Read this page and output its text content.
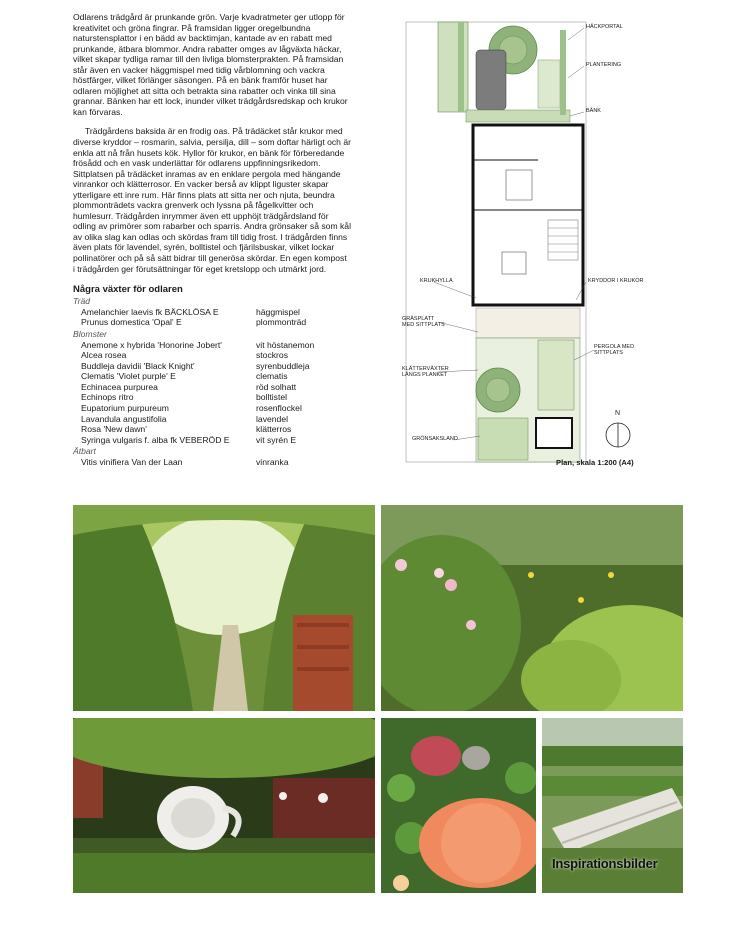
Odlarens trädgård är prunkande grön. Varje kvadratmeter ger utlopp för kreativitet och gröna fingrar. På framsidan ligger oregelbundna naturstensplattor i en bädd av backtimjan, kantade av en rabatt med prunkande, ätbara blommor. Andra rabatter omges av lågväxta häckar, vilket skapar tydliga ramar till den livliga blomsterprakten. På framsidan står även en vacker häggmispel med tidig vårblomning och vackra höstfärger, vilket förlänger säsongen. På en bänk framför huset har odlaren möjlighet att sitta och betrakta sina rabatter och vinka till sina grannar. Bänken har ett lock, inunder vilket trädgårdsredskap och krukor kan förvaras.

Trädgårdens baksida är en frodig oas. På trädäcket står krukor med diverse kryddor – rosmarin, salvia, persilja, dill – som doftar härligt och är enkla att nå från husets kök. Hyllor för krukor, en bänk för förberedande frösådd och en vask underlättar för odlarens uppfinningsrikedom. Sittplatsen på trädäcket inramas av en enklare pergola med hängande vinrankor och klätterrosor. En vacker berså av klippt liguster skapar ytterligare ett inre rum. Här finns plats att sitta ner och njuta, beundra plommonträdets vackra grenverk och lyssna på fågelkvitter och humlesurr. Trädgården inrymmer även ett upphöjt trädgårdsland för odling av primörer som rabarber och sparris. Andra grönsaker så som kål av olika slag kan odlas och skördas fram till tidig frost. I trädgården finns även plats för lavendel, syrén, bolltistel och fjärilsbuskar, vilket lockar pollinatörer och på så sätt bidrar till generösa skördar. En egen kompost i trädgården ger förutsättningar för eget kretslopp och utmärkt jord.

Några växter för odlaren
Träd
Amelanchier laevis fk BÄCKLÖSA E	häggmispel
Prunus domestica 'Opal' E	plommonträd
Blomster
Anemone x hybrida 'Honorine Jobert'	vit höstanemon
Alcea rosea	stockros
Buddleja davidii 'Black Knight'	syrenbuddleja
Clematis 'Violet purple' E	clematis
Echinacea purpurea	röd solhatt
Echinops ritro	bolltistel
Eupatorium purpureum	rosenflockel
Lavandula angustifolia	lavendel
Rosa 'New dawn'	klätterros
Syringa vulgaris f. alba fk VEBERÖD E	vit syrén E
Ätbart
Vitis vinifiera Van der Laan	vinranka
HÄCKPORTAL
PLANTERING
BÄNK
KRUKHYLLA	KRYDDOR I KRUKOR
GRÄSPLATT
MED SITTPLATS
KLÄTTERVÄXTER
LÄNGS PLANKET
PERGOLA MED
SITTPLATS
GRÖNSAKSLAND
N
Plan, skala 1:200 (A4)
Inspirationsbilder
